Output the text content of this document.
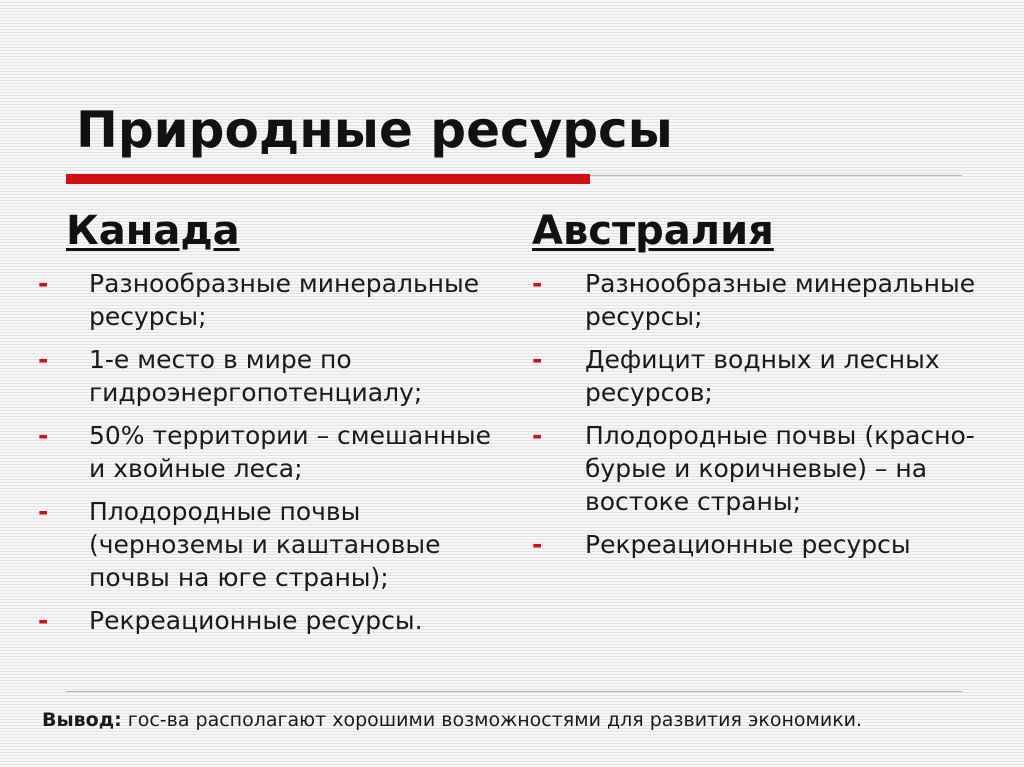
Природные ресурсы
Канада
- Разнообразные минеральные ресурсы;
- 1-е место в мире по гидроэнергопотенциалу;
- 50% территории – смешанные и хвойные леса;
- Плодородные почвы (черноземы и каштановые почвы на юге страны);
- Рекреационные ресурсы.
Австралия
- Разнообразные минеральные ресурсы;
- Дефицит водных и лесных ресурсов;
- Плодородные почвы (красно-бурые и коричневые) – на востоке страны;
- Рекреационные ресурсы
Вывод: гос-ва располагают хорошими возможностями для развития экономики.
